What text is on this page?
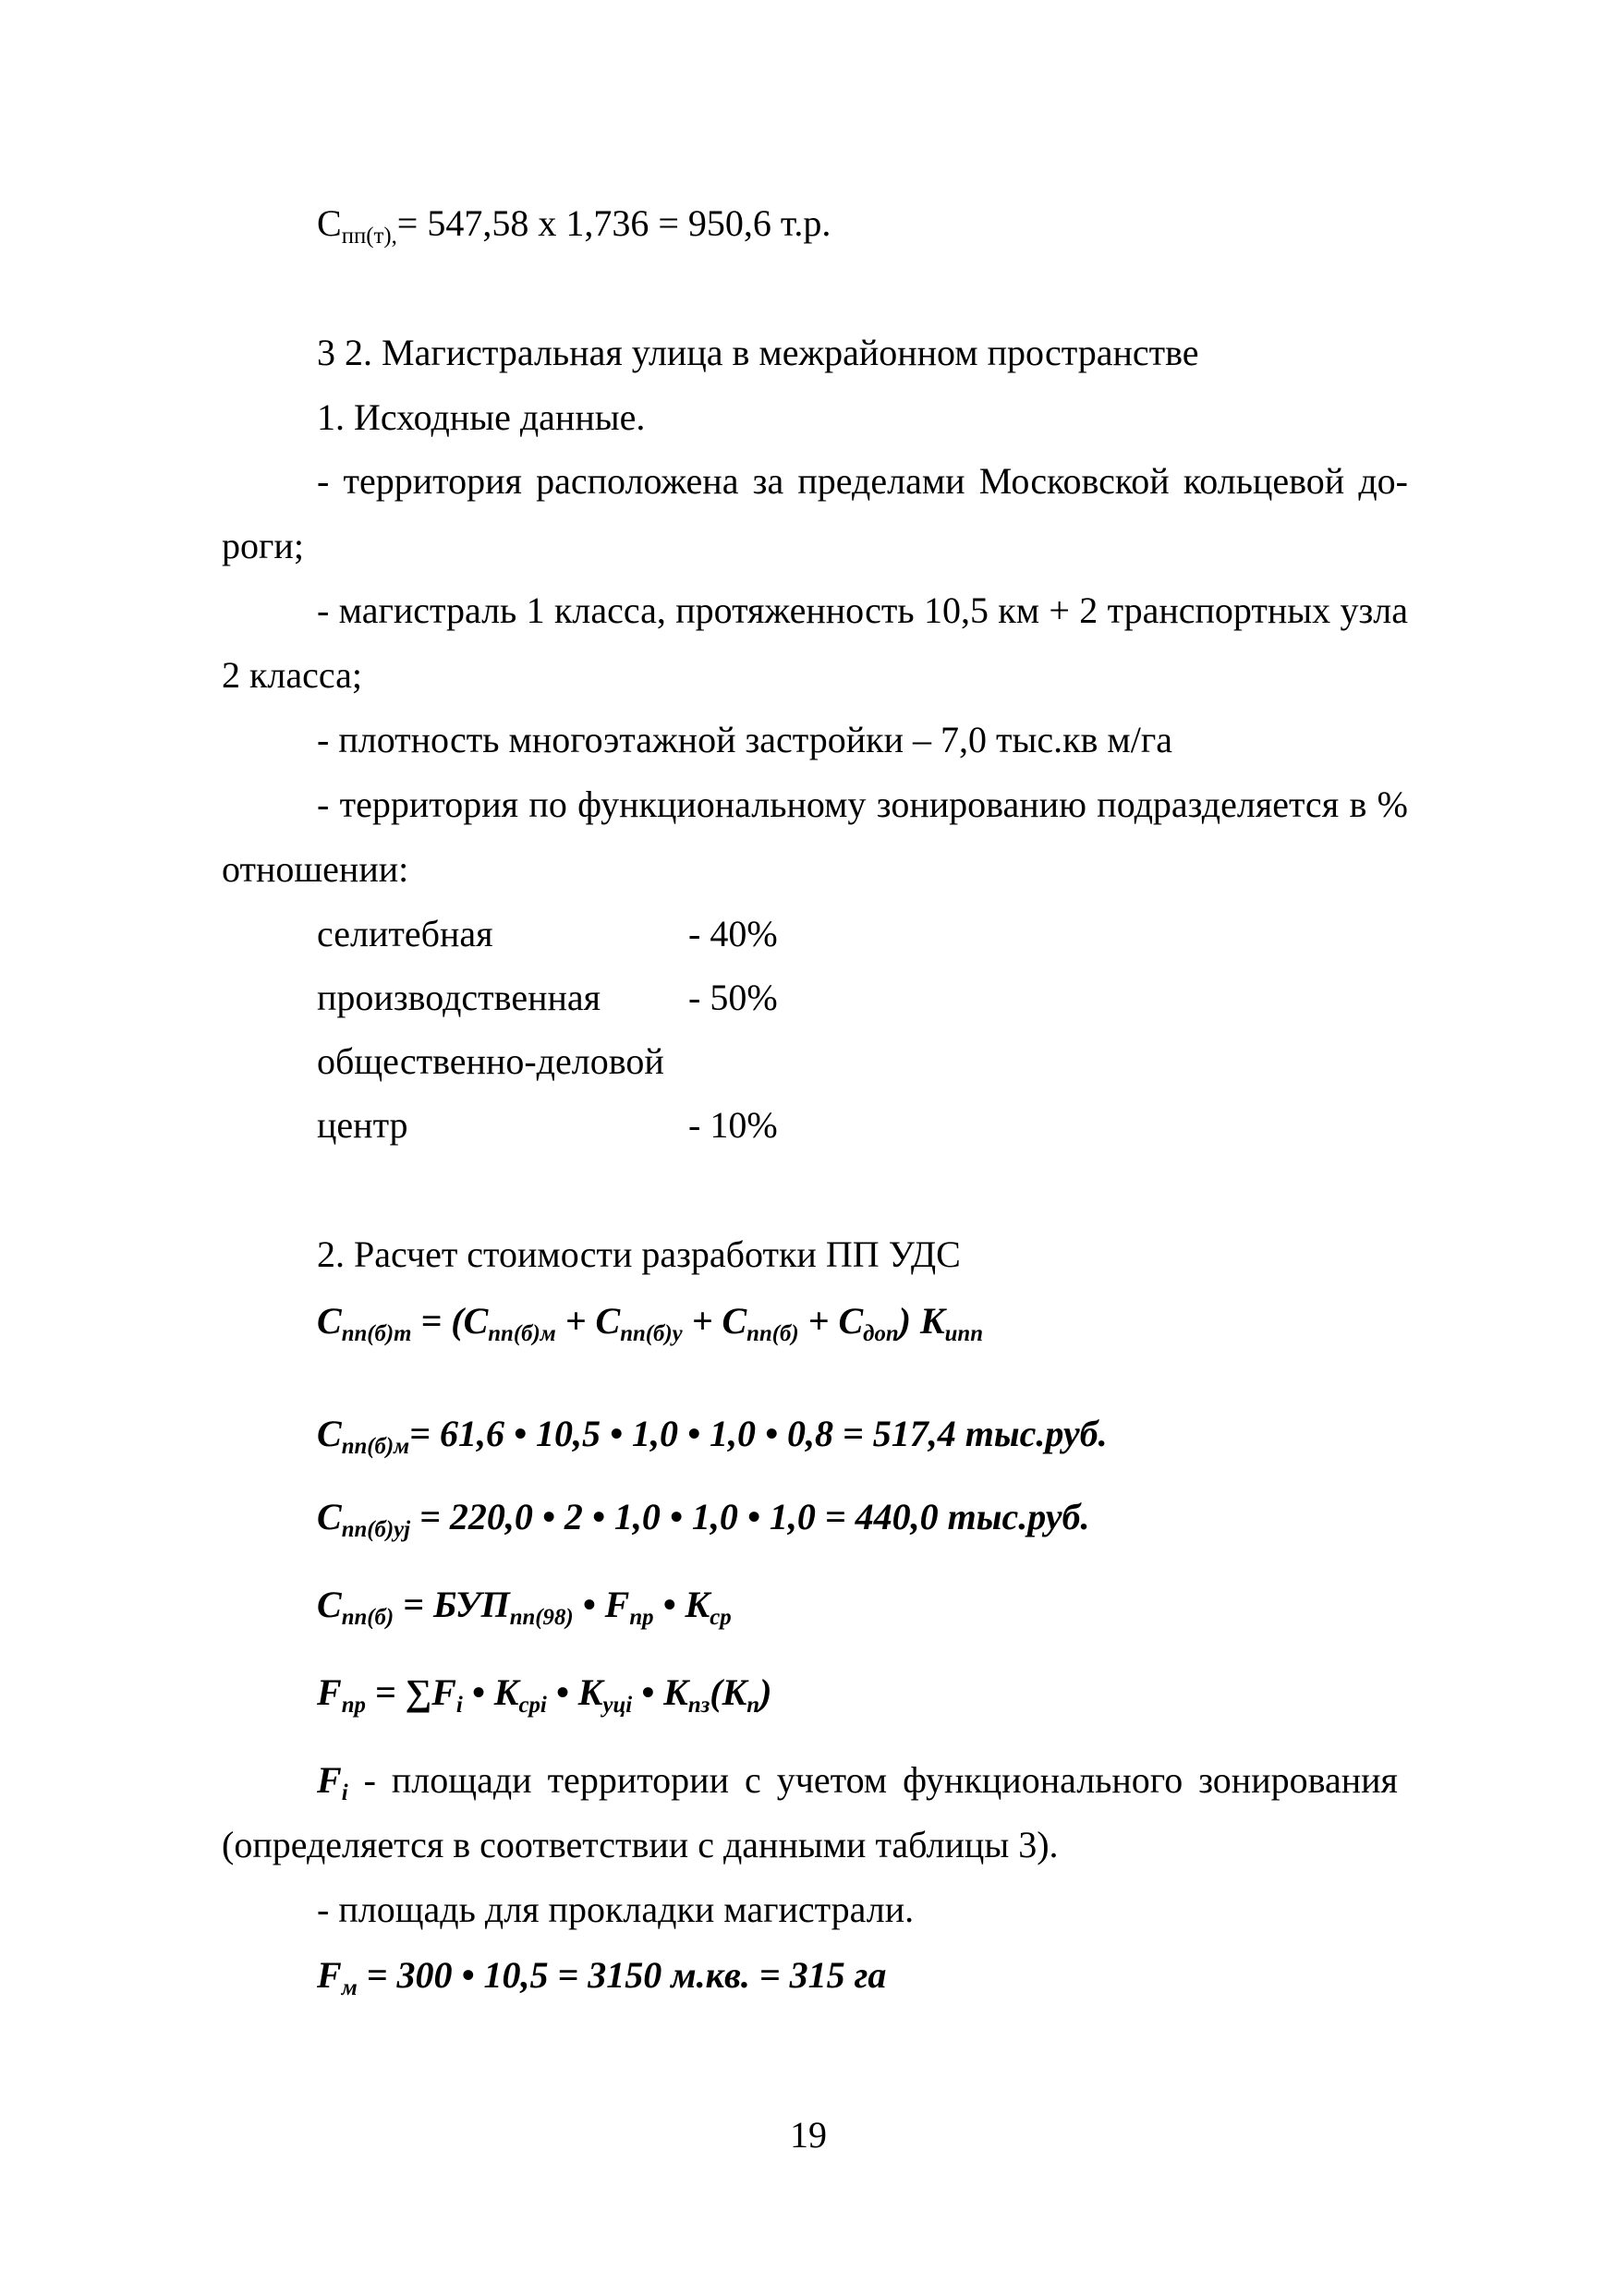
$C_{пп(т),}= 547,58$ х 1,736 = 950,6 т.р.
3 2. Магистральная улица в межрайонном пространстве
1. Исходные данные.
- территория расположена за пределами Московской кольцевой до-
роги;
- магистраль 1 класса, протяженность 10,5 км + 2 транспортных узла
2 класса;
- плотность многоэтажной застройки – 7,0 тыс.кв м/га
- территория по функциональному зонированию подразделяется в %
отношении:
селитебная	- 40%
производственная - 50%
общественно-деловой
центр	- 10%
2. Расчет стоимости разработки ПП УДС
$С_{пп(б)т} = (С_{пп(б)м} + С_{пп(б)у} + С_{пп(б)} + С_{доп})$ $K_{ипп}$
$С_{пп(б)м}= 61,6$ • 10,5 • 1,0 • 1,0 • 0,8 = 517,4 тыс.руб.
$С_{пп(б)уj} = 220,0$ • 2 • 1,0 • 1,0 • 1,0 = 440,0 тыс.руб.
$С_{пп(б)} = БУП_{пп(98)}$ • $F_{пр}$ • $K_{ср}$
$F_{пр} = \sum F_i$ • $K_{срi}$ • $K_{уцi}$ • $K_{пз}(K_п)$
$F_i$ - площади территории с учетом функционального зонирования
(определяется в соответствии с данными таблицы 3).
- площадь для прокладки магистрали.
$F_м = 300$ • 10,5 = 3150 м.кв. = 315 га
19
